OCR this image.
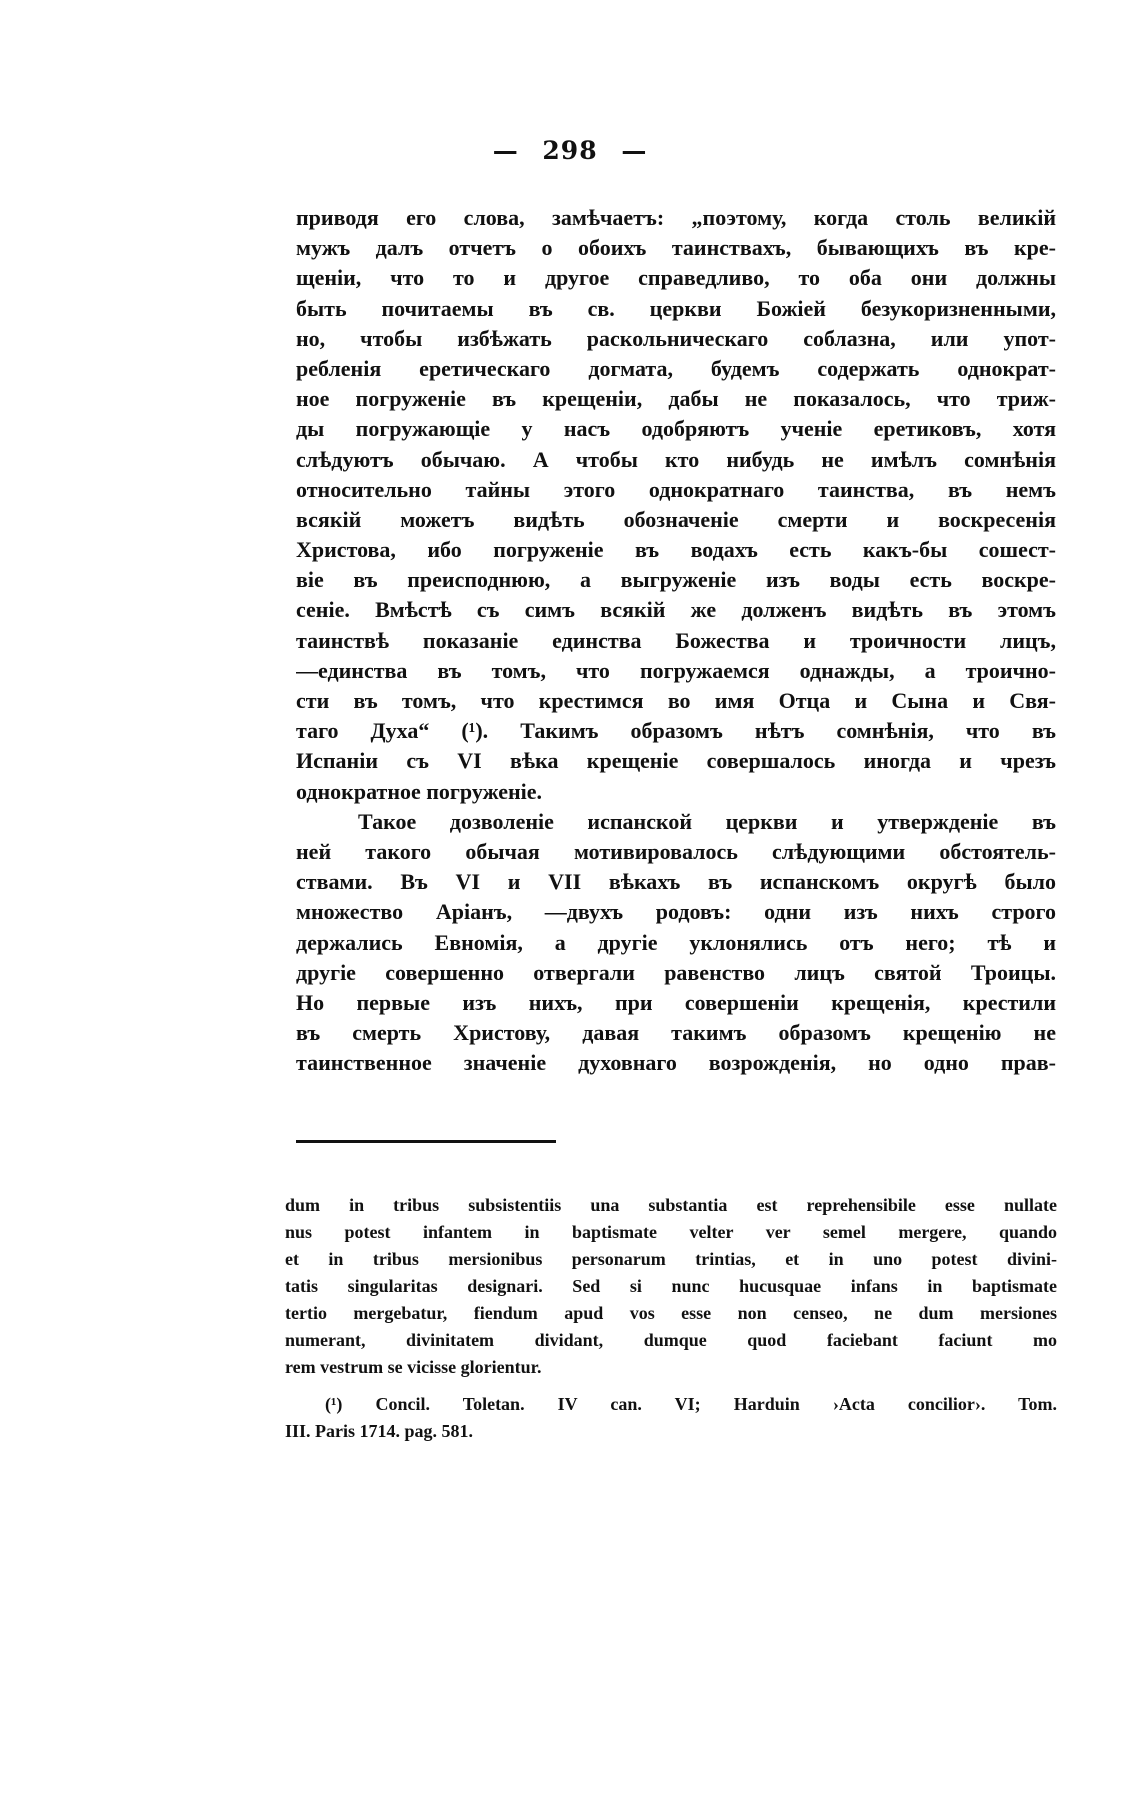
— 298 —
приводя его слова, замѣчаетъ: „поэтому, когда столь великій
мужъ далъ отчетъ о обоихъ таинствахъ, бывающихъ въ кре-
щеніи, что то и другое справедливо, то оба они должны
быть почитаемы въ св. церкви Божіей безукоризненными,
но, чтобы избѣжать раскольническаго соблазна, или упот-
ребленія еретическаго догмата, будемъ содержать однократ-
ное погруженіе въ крещеніи, дабы не показалось, что триж-
ды погружающіе у насъ одобряютъ ученіе еретиковъ, хотя
слѣдуютъ обычаю. А чтобы кто нибудь не имѣлъ сомнѣнія
относительно тайны этого однократнаго таинства, въ немъ
всякій можетъ видѣть обозначеніе смерти и воскресенія
Христова, ибо погруженіе въ водахъ есть какъ-бы сошест-
віе въ преисподнюю, а выгруженіе изъ воды есть воскре-
сеніе. Вмѣстѣ съ симъ всякій же долженъ видѣть въ этомъ
таинствѣ показаніе единства Божества и троичности лицъ,
—единства въ томъ, что погружаемся однажды, а троично-
сти въ томъ, что крестимся во имя Отца и Сына и Свя-
таго Духа“ (¹). Такимъ образомъ нѣтъ сомнѣнія, что въ
Испаніи съ VI вѣка крещеніе совершалось иногда и чрезъ
однократное погруженіе.
Такое дозволеніе испанской церкви и утвержденіе въ
ней такого обычая мотивировалось слѣдующими обстоятель-
ствами. Въ VI и VII вѣкахъ въ испанскомъ округѣ было
множество Аріанъ, —двухъ родовъ: одни изъ нихъ строго
держались Евномія, а другіе уклонялись отъ него; тѣ и
другіе совершенно отвергали равенство лицъ святой Троицы.
Но первые изъ нихъ, при совершеніи крещенія, крестили
въ смерть Христову, давая такимъ образомъ крещенію не
таинственное значеніе духовнаго возрожденія, но одно прав-
dum in tribus subsistentiis una substantia est reprehensibile esse nullate
nus potest infantem in baptismate velter ver semel mergere, quando
et in tribus mersionibus personarum trintias, et in uno potest divini-
tatis singularitas designari. Sed si nunc hucusquae infans in baptismate
tertio mergebatur, fiendum apud vos esse non censeo, ne dum mersiones
numerant, divinitatem dividant, dumque quod faciebant faciunt mo
rem vestrum se vicisse glorientur.
(¹) Concil. Toletan. IV can. VI; Harduin ›Acta concilior›. Tom.
III. Paris 1714. pag. 581.
